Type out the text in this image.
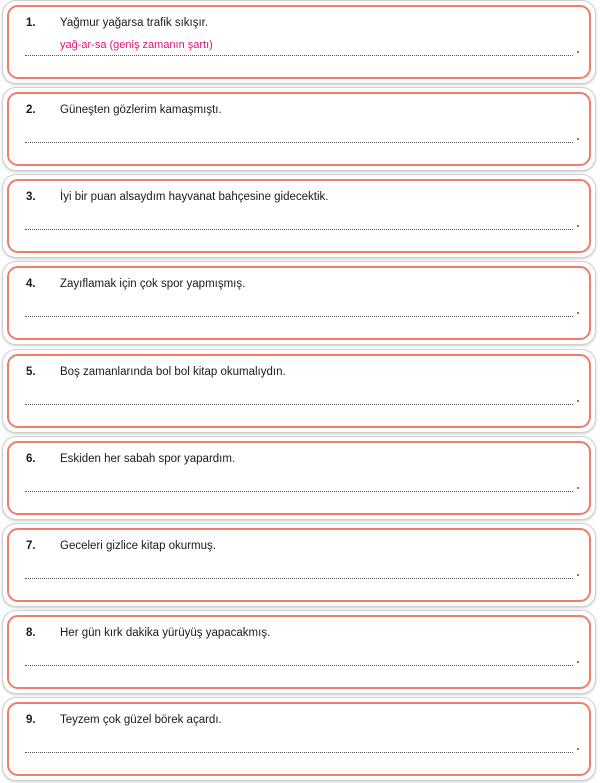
1. Yağmur yağarsa trafik sıkışır.
yağ-ar-sa (geniş zamanın şartı)
2. Güneşten gözlerim kamaşmıştı.
3. İyi bir puan alsaydım hayvanat bahçesine gidecektik.
4. Zayıflamak için çok spor yapmışmış.
5. Boş zamanlarında bol bol kitap okumalıydın.
6. Eskiden her sabah spor yapardım.
7. Geceleri gizlice kitap okurmuş.
8. Her gün kırk dakika yürüyüş yapacakmış.
9. Teyzem çok güzel börek açardı.
